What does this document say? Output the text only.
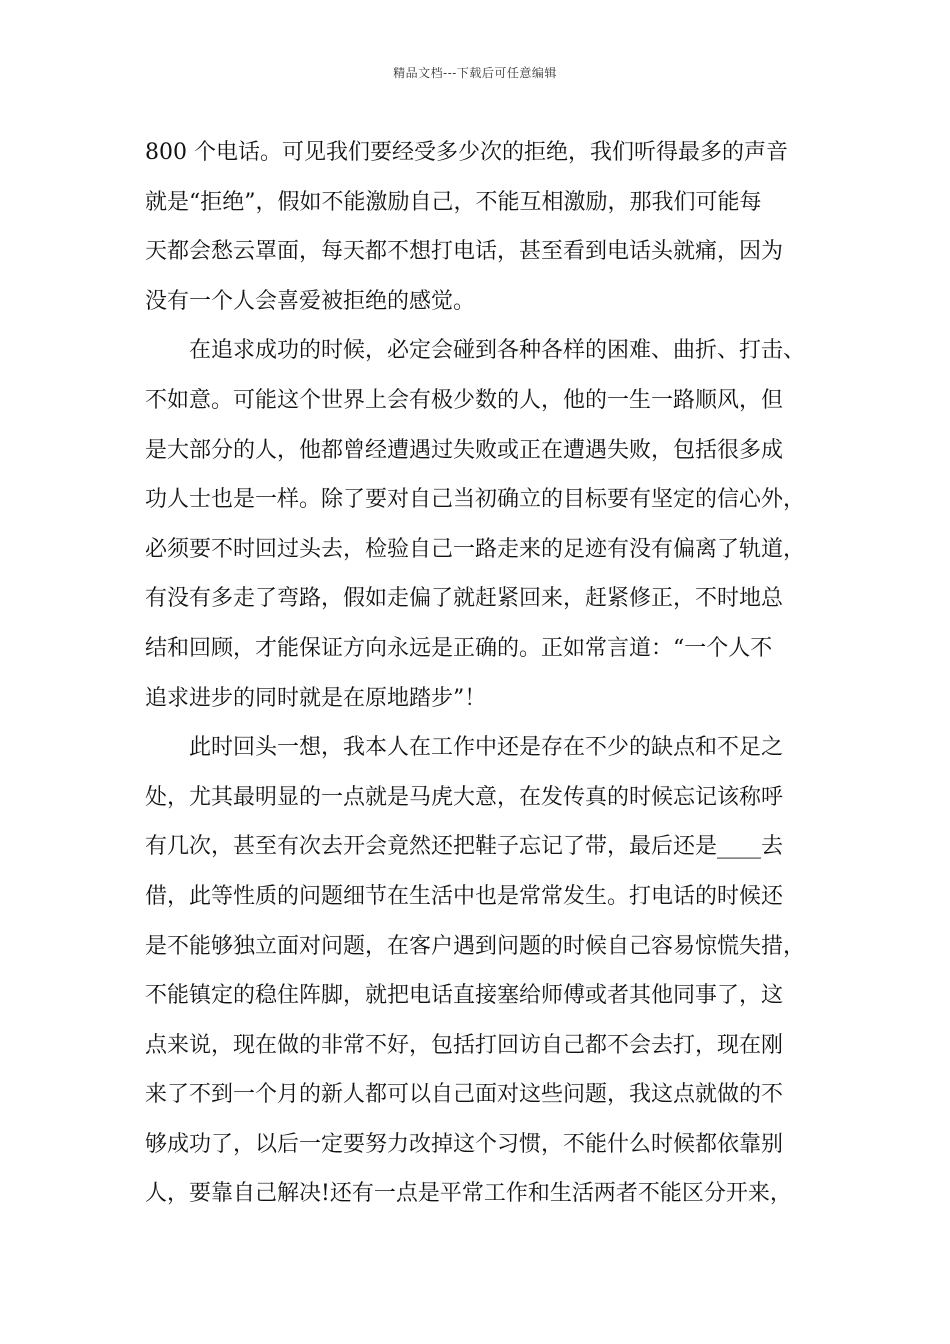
精品文档---下载后可任意编辑
800 个电话。可见我们要经受多少次的拒绝，我们听得最多的声音
就是“拒绝”，假如不能激励自己，不能互相激励，那我们可能每
天都会愁云罩面，每天都不想打电话，甚至看到电话头就痛，因为
没有一个人会喜爱被拒绝的感觉。
在追求成功的时候，必定会碰到各种各样的困难、曲折、打击、
不如意。可能这个世界上会有极少数的人，他的一生一路顺风，但
是大部分的人，他都曾经遭遇过失败或正在遭遇失败，包括很多成
功人士也是一样。除了要对自己当初确立的目标要有坚定的信心外，
必须要不时回过头去，检验自己一路走来的足迹有没有偏离了轨道，
有没有多走了弯路，假如走偏了就赶紧回来，赶紧修正，不时地总
结和回顾，才能保证方向永远是正确的。正如常言道：“一个人不
追求进步的同时就是在原地踏步”！
此时回头一想，我本人在工作中还是存在不少的缺点和不足之
处，尤其最明显的一点就是马虎大意，在发传真的时候忘记该称呼
有几次，甚至有次去开会竟然还把鞋子忘记了带，最后还是____去
借，此等性质的问题细节在生活中也是常常发生。打电话的时候还
是不能够独立面对问题，在客户遇到问题的时候自己容易惊慌失措，
不能镇定的稳住阵脚，就把电话直接塞给师傅或者其他同事了，这
点来说，现在做的非常不好，包括打回访自己都不会去打，现在刚
来了不到一个月的新人都可以自己面对这些问题，我这点就做的不
够成功了，以后一定要努力改掉这个习惯，不能什么时候都依靠别
人，要靠自己解决!还有一点是平常工作和生活两者不能区分开来，
